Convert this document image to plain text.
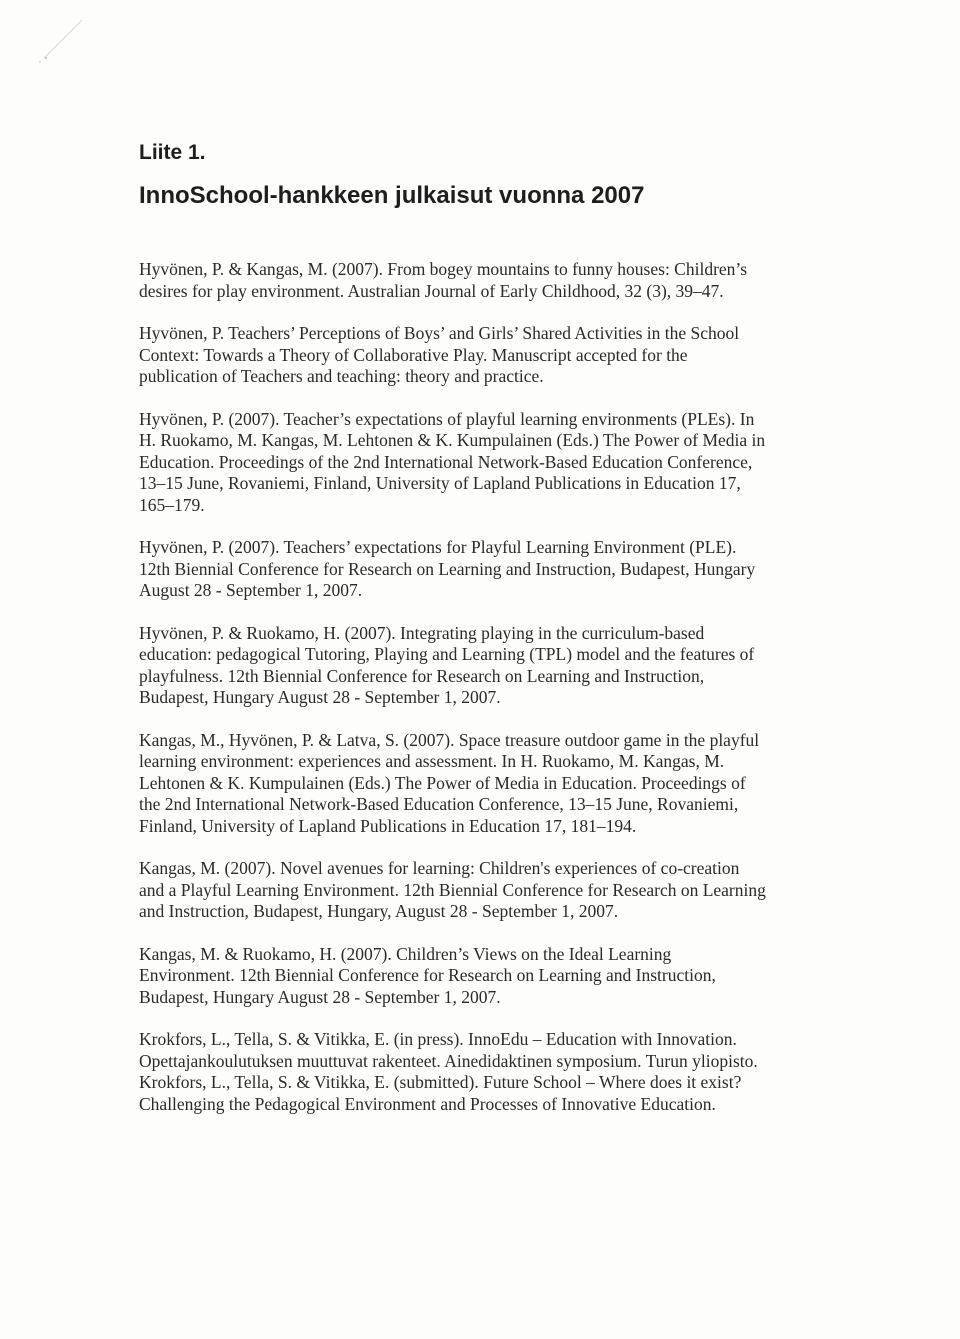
Liite 1.
InnoSchool-hankkeen julkaisut vuonna 2007
Hyvönen, P. & Kangas, M. (2007). From bogey mountains to funny houses: Children’s
desires for play environment. Australian Journal of Early Childhood, 32 (3), 39–47.
Hyvönen, P. Teachers’ Perceptions of Boys’ and Girls’ Shared Activities in the School
Context: Towards a Theory of Collaborative Play. Manuscript accepted for the
publication of Teachers and teaching: theory and practice.
Hyvönen, P. (2007). Teacher’s expectations of playful learning environments (PLEs). In
H. Ruokamo, M. Kangas, M. Lehtonen & K. Kumpulainen (Eds.) The Power of Media in
Education. Proceedings of the 2nd International Network-Based Education Conference,
13–15 June, Rovaniemi, Finland, University of Lapland Publications in Education 17,
165–179.
Hyvönen, P. (2007). Teachers’ expectations for Playful Learning Environment (PLE).
12th Biennial Conference for Research on Learning and Instruction, Budapest, Hungary
August 28 - September 1, 2007.
Hyvönen, P. & Ruokamo, H. (2007). Integrating playing in the curriculum-based
education: pedagogical Tutoring, Playing and Learning (TPL) model and the features of
playfulness. 12th Biennial Conference for Research on Learning and Instruction,
Budapest, Hungary August 28 - September 1, 2007.
Kangas, M., Hyvönen, P. & Latva, S. (2007). Space treasure outdoor game in the playful
learning environment: experiences and assessment. In H. Ruokamo, M. Kangas, M.
Lehtonen & K. Kumpulainen (Eds.) The Power of Media in Education. Proceedings of
the 2nd International Network-Based Education Conference, 13–15 June, Rovaniemi,
Finland, University of Lapland Publications in Education 17, 181–194.
Kangas, M. (2007). Novel avenues for learning: Children's experiences of co-creation
and a Playful Learning Environment. 12th Biennial Conference for Research on Learning
and Instruction, Budapest, Hungary, August 28 - September 1, 2007.
Kangas, M. & Ruokamo, H. (2007). Children’s Views on the Ideal Learning
Environment. 12th Biennial Conference for Research on Learning and Instruction,
Budapest, Hungary August 28 - September 1, 2007.
Krokfors, L., Tella, S. & Vitikka, E. (in press). InnoEdu – Education with Innovation.
Opettajankoulutuksen muuttuvat rakenteet. Ainedidaktinen symposium. Turun yliopisto.
Krokfors, L., Tella, S. & Vitikka, E. (submitted). Future School – Where does it exist?
Challenging the Pedagogical Environment and Processes of Innovative Education.
